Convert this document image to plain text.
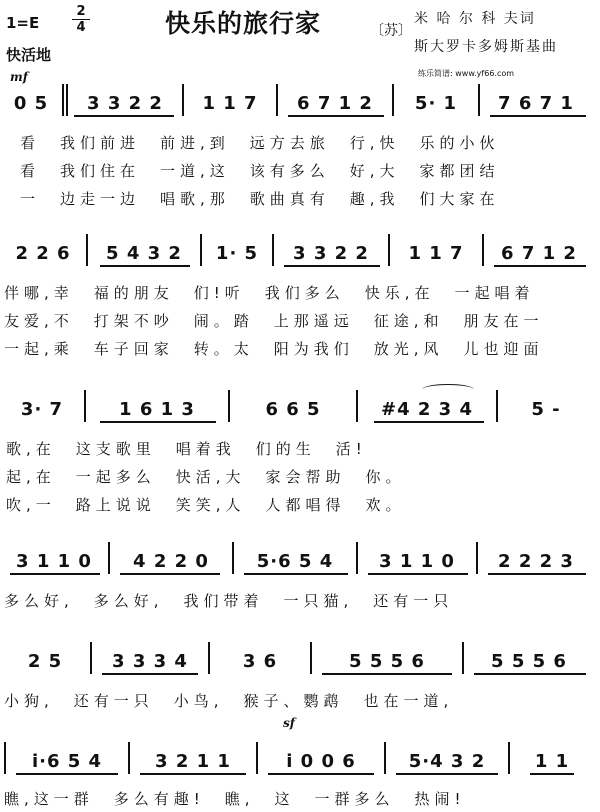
1=E
2
4	快乐的旅行家	〔苏〕
米 哈 尔 科 夫词
斯大罗卡多姆斯基曲
练乐简谱: www.yf66.com
快活地
mf
sf
0 5	3 3 2 2	1 1 7	6 7 1 2	5· 1	7 6 7 1
看　我们前进　前进,到　远方去旅　行,快　乐的小伙
看　我们住在　一道,这　该有多么　好,大　家都团结
一　边走一边　唱歌,那　歌曲真有　趣,我　们大家在
2 2 6	5 4 3 2	1· 5	3 3 2 2	1 1 7	6 7 1 2
伴哪,幸　福的朋友　们!听　我们多么　快乐,在　一起唱着
友爱,不　打架不吵　闹。踏　上那遥远　征途,和　朋友在一
一起,乘　车子回家　转。太　阳为我们　放光,风　儿也迎面
3· 7	1 6 1 3	6 6 5	#4 2 3 4	5 -
歌,在　这支歌里　唱着我　们的生　活!
起,在　一起多么　快活,大　家会帮助　你。
吹,一　路上说说　笑笑,人　人都唱得　欢。
3 1 1 0	4 2 2 0	5·6 5 4	3 1 1 0	2 2 2 3
多么好,　多么好,　我们带着　一只猫,　还有一只
2 5	3 3 3 4	3 6	5 5 5 6	5 5 5 6
小狗,　还有一只　小鸟,　猴子、鹦鹉　也在一道,
i·6 5 4	3 2 1 1	i 0 0 6	5·4 3 2	1 1
瞧,这一群　多么有趣!　瞧,　这　一群多么　热闹!
